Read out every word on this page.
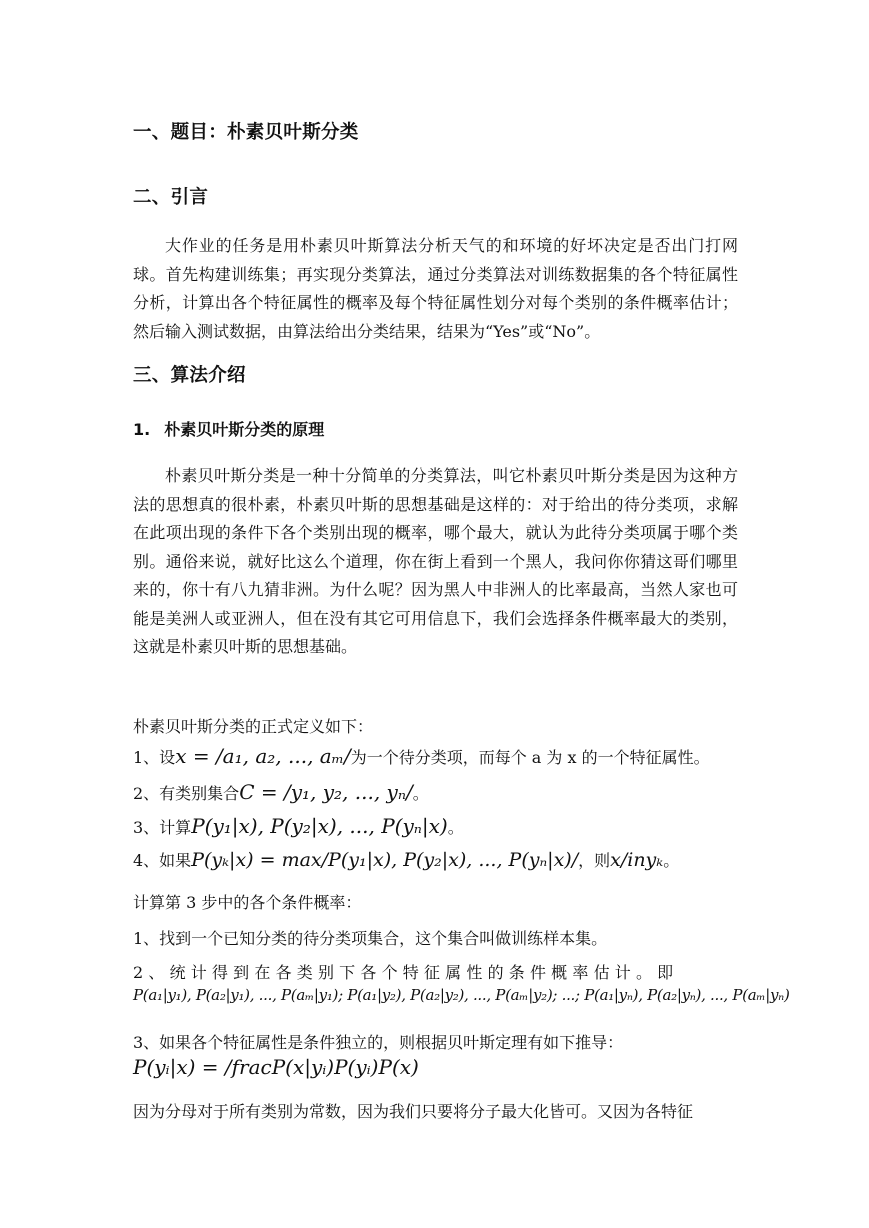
一、题目：朴素贝叶斯分类
二、引言

大作业的任务是用朴素贝叶斯算法分析天气的和环境的好坏决定是否出门打网球。首先构建训练集；再实现分类算法，通过分类算法对训练数据集的各个特征属性分析，计算出各个特征属性的概率及每个特征属性划分对每个类别的条件概率估计；然后输入测试数据，由算法给出分类结果，结果为“Yes”或“No”。

三、算法介绍
1. 朴素贝叶斯分类的原理

朴素贝叶斯分类是一种十分简单的分类算法，叫它朴素贝叶斯分类是因为这种方法的思想真的很朴素，朴素贝叶斯的思想基础是这样的：对于给出的待分类项，求解在此项出现的条件下各个类别出现的概率，哪个最大，就认为此待分类项属于哪个类别。通俗来说，就好比这么个道理，你在街上看到一个黑人，我问你你猜这哥们哪里来的，你十有八九猜非洲。为什么呢？因为黑人中非洲人的比率最高，当然人家也可能是美洲人或亚洲人，但在没有其它可用信息下，我们会选择条件概率最大的类别，这就是朴素贝叶斯的思想基础。

朴素贝叶斯分类的正式定义如下：
1、设x = /a₁, a₂, ..., aₘ/为一个待分类项，而每个 a 为 x 的一个特征属性。
2、有类别集合C = /y₁, y₂, ..., yₙ/。
3、计算P(y₁|x), P(y₂|x), ..., P(yₙ|x)。
4、如果P(yₖ|x) = max/P(y₁|x), P(y₂|x), ..., P(yₙ|x)/，则x/inyₖ。
计算第 3 步中的各个条件概率：
1、找到一个已知分类的待分类项集合，这个集合叫做训练样本集。
2、统计得到在各类别下各个特征属性的条件概率估计。即
P(a₁|y₁), P(a₂|y₁), ..., P(aₘ|y₁); P(a₁|y₂), P(a₂|y₂), ..., P(aₘ|y₂); ...; P(a₁|yₙ), P(a₂|yₙ), ..., P(aₘ|yₙ)
3、如果各个特征属性是条件独立的，则根据贝叶斯定理有如下推导：
P(yᵢ|x) = /fracP(x|yᵢ)P(yᵢ)P(x)
因为分母对于所有类别为常数，因为我们只要将分子最大化皆可。又因为各特征
